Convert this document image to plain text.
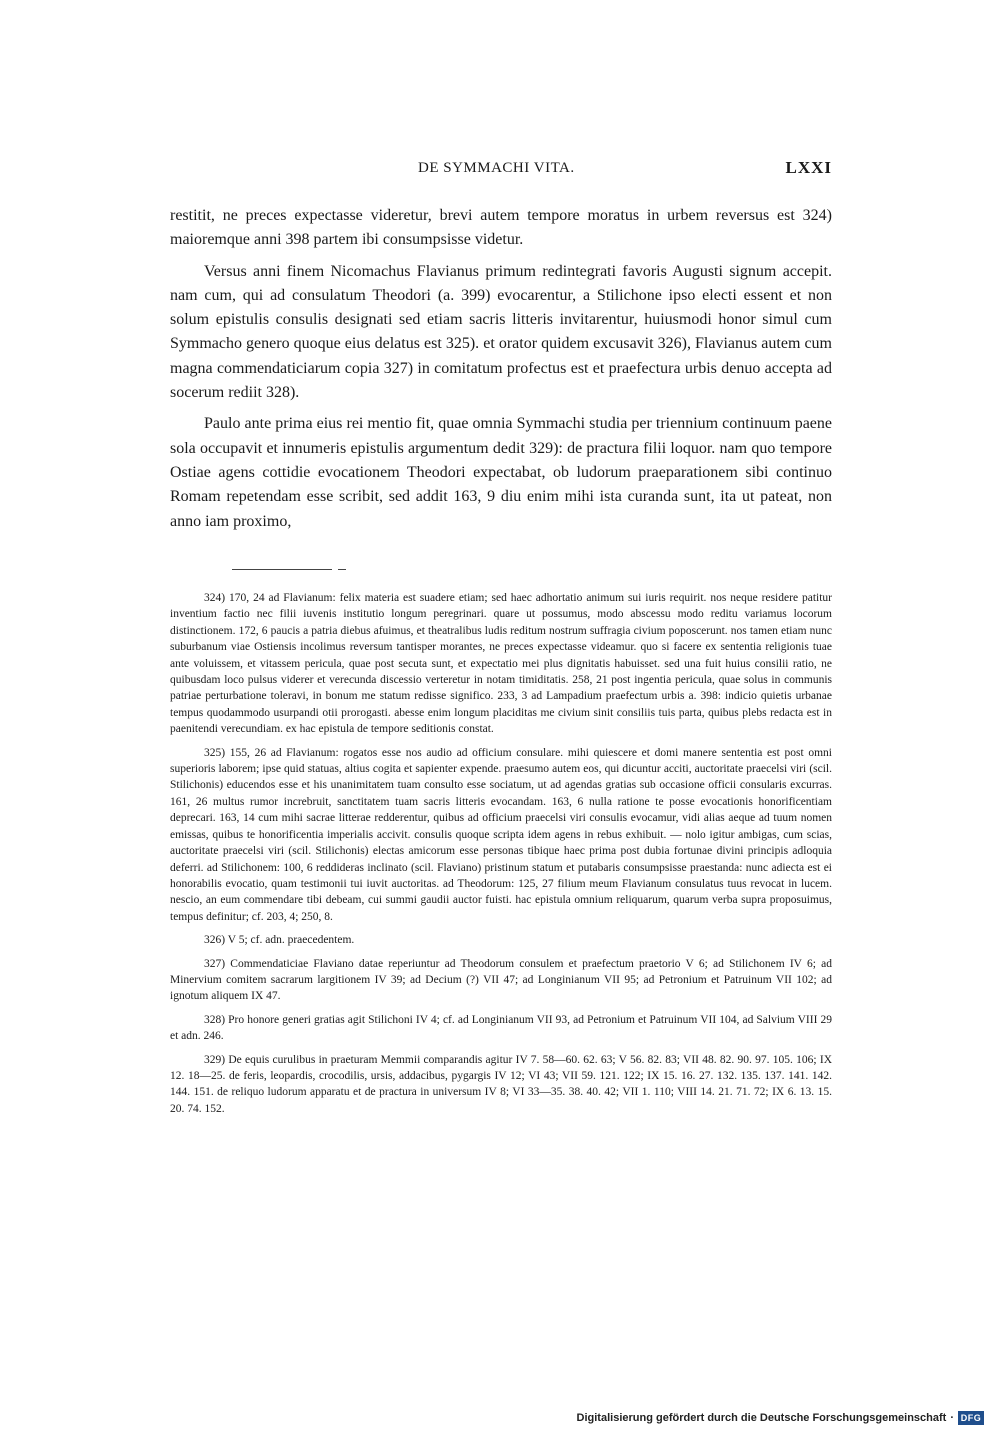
DE SYMMACHI VITA.	LXXI

restitit, ne preces expectasse videretur, brevi autem tempore moratus in urbem reversus est 324) maioremque anni 398 partem ibi consumpsisse videtur.

Versus anni finem Nicomachus Flavianus primum redintegrati favoris Augusti signum accepit. nam cum, qui ad consulatum Theodori (a. 399) evocarentur, a Stilichone ipso electi essent et non solum epistulis consulis designati sed etiam sacris litteris invitarentur, huiusmodi honor simul cum Symmacho genero quoque eius delatus est 325). et orator quidem excusavit 326), Flavianus autem cum magna commendaticiarum copia 327) in comitatum profectus est et praefectura urbis denuo accepta ad socerum rediit 328).

Paulo ante prima eius rei mentio fit, quae omnia Symmachi studia per triennium continuum paene sola occupavit et innumeris epistulis argumentum dedit 329): de practura filii loquor. nam quo tempore Ostiae agens cottidie evocationem Theodori expectabat, ob ludorum praeparationem sibi continuo Romam repetendam esse scribit, sed addit 163, 9 diu enim mihi ista curanda sunt, ita ut pateat, non anno iam proximo,

324) 170, 24 ad Flavianum: felix materia est suadere etiam; sed haec adhortatio animum sui iuris requirit. nos neque residere patitur inventium factio nec filii iuvenis institutio longum peregrinari. quare ut possumus, modo abscessu modo reditu variamus locorum distinctionem. 172, 6 paucis a patria diebus afuimus, et theatralibus ludis reditum nostrum suffragia civium poposcerunt. nos tamen etiam nunc suburbanum viae Ostiensis incolimus reversum tantisper morantes, ne preces expectasse videamur. quo si facere ex sententia religionis tuae ante voluissem, et vitassem pericula, quae post secuta sunt, et expectatio mei plus dignitatis habuisset. sed una fuit huius consilii ratio, ne quibusdam loco pulsus viderer et verecunda discessio verteretur in notam timiditatis. 258, 21 post ingentia pericula, quae solus in communis patriae perturbatione toleravi, in bonum me statum redisse significo. 233, 3 ad Lampadium praefectum urbis a. 398: indicio quietis urbanae tempus quodammodo usurpandi otii prorogasti. abesse enim longum placiditas me civium sinit consiliis tuis parta, quibus plebs redacta est in paenitendi verecundiam. ex hac epistula de tempore seditionis constat.

325) 155, 26 ad Flavianum: rogatos esse nos audio ad officium consulare. mihi quiescere et domi manere sententia est post omni superioris laborem; ipse quid statuas, altius cogita et sapienter expende. praesumo autem eos, qui dicuntur acciti, auctoritate praecelsi viri (scil. Stilichonis) educendos esse et his unanimitatem tuam consulto esse sociatum, ut ad agendas gratias sub occasione officii consularis excurras. 161, 26 multus rumor increbruit, sanctitatem tuam sacris litteris evocandam. 163, 6 nulla ratione te posse evocationis honorificentiam deprecari. 163, 14 cum mihi sacrae litterae redderentur, quibus ad officium praecelsi viri consulis evocamur, vidi alias aeque ad tuum nomen emissas, quibus te honorificentia imperialis accivit. consulis quoque scripta idem agens in rebus exhibuit. — nolo igitur ambigas, cum scias, auctoritate praecelsi viri (scil. Stilichonis) electas amicorum esse personas tibique haec prima post dubia fortunae divini principis adloquia deferri. ad Stilichonem: 100, 6 reddideras inclinato (scil. Flaviano) pristinum statum et putabaris consumpsisse praestanda: nunc adiecta est ei honorabilis evocatio, quam testimonii tui iuvit auctoritas. ad Theodorum: 125, 27 filium meum Flavianum consulatus tuus revocat in lucem. nescio, an eum commendare tibi debeam, cui summi gaudii auctor fuisti. hac epistula omnium reliquarum, quarum verba supra proposuimus, tempus definitur; cf. 203, 4; 250, 8.

326) V 5; cf. adn. praecedentem.

327) Commendaticiae Flaviano datae reperiuntur ad Theodorum consulem et praefectum praetorio V 6; ad Stilichonem IV 6; ad Minervium comitem sacrarum largitionem IV 39; ad Decium (?) VII 47; ad Longinianum VII 95; ad Petronium et Patruinum VII 102; ad ignotum aliquem IX 47.

328) Pro honore generi gratias agit Stilichoni IV 4; cf. ad Longinianum VII 93, ad Petronium et Patruinum VII 104, ad Salvium VIII 29 et adn. 246.

329) De equis curulibus in praeturam Memmii comparandis agitur IV 7. 58—60. 62. 63; V 56. 82. 83; VII 48. 82. 90. 97. 105. 106; IX 12. 18—25. de feris, leopardis, crocodilis, ursis, addacibus, pygargis IV 12; VI 43; VII 59. 121. 122; IX 15. 16. 27. 132. 135. 137. 141. 142. 144. 151. de reliquo ludorum apparatu et de practura in universum IV 8; VI 33—35. 38. 40. 42; VII 1. 110; VIII 14. 21. 71. 72; IX 6. 13. 15. 20. 74. 152.

Digitalisierung gefördert durch die Deutsche Forschungsgemeinschaft · DFG
